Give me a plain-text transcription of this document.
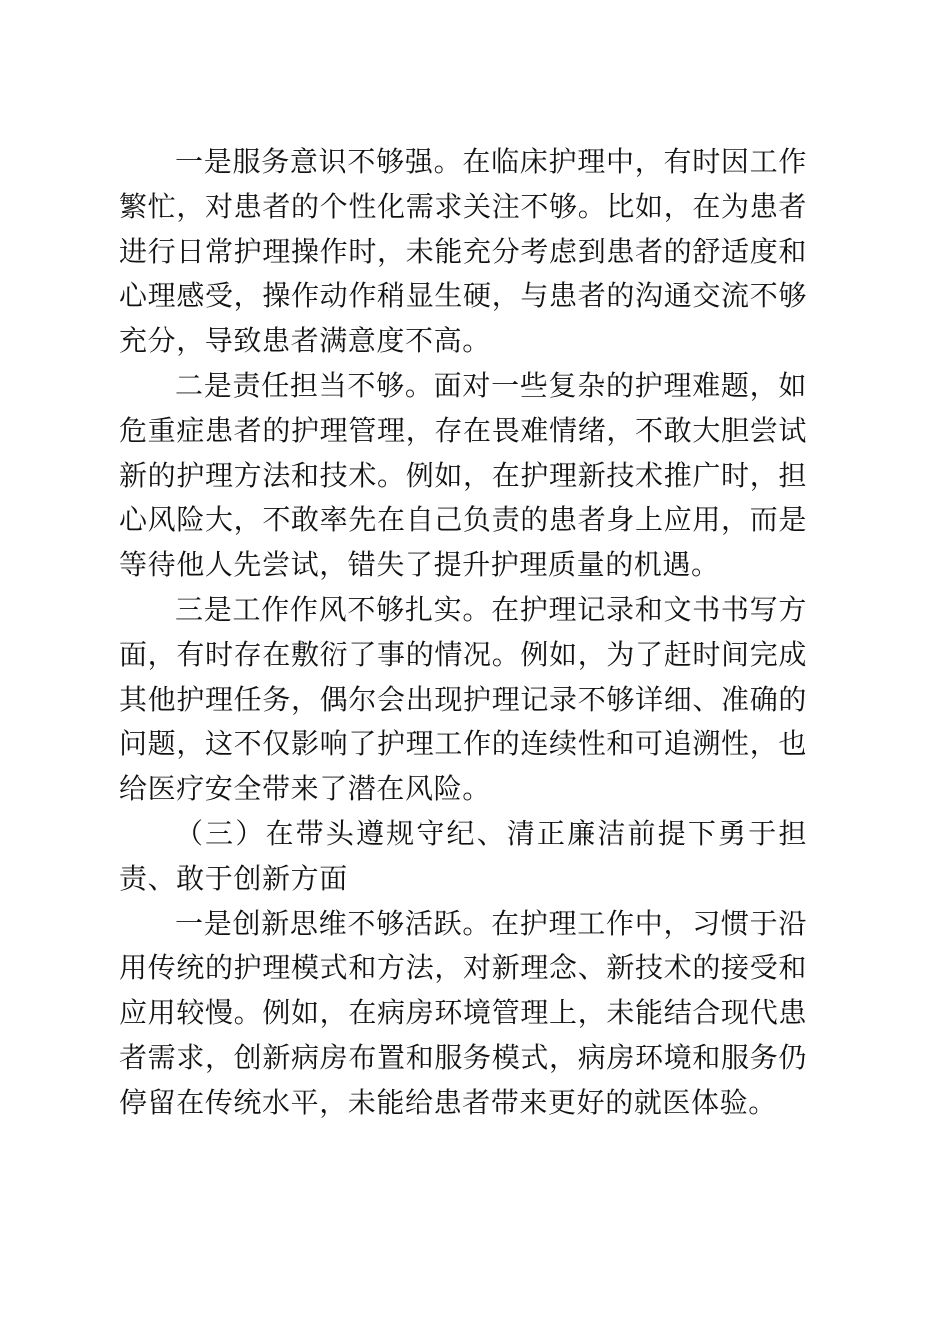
一是服务意识不够强。在临床护理中，有时因工作繁忙，对患者的个性化需求关注不够。比如，在为患者进行日常护理操作时，未能充分考虑到患者的舒适度和心理感受，操作动作稍显生硬，与患者的沟通交流不够充分，导致患者满意度不高。

二是责任担当不够。面对一些复杂的护理难题，如危重症患者的护理管理，存在畏难情绪，不敢大胆尝试新的护理方法和技术。例如，在护理新技术推广时，担心风险大，不敢率先在自己负责的患者身上应用，而是等待他人先尝试，错失了提升护理质量的机遇。

三是工作作风不够扎实。在护理记录和文书书写方面，有时存在敷衍了事的情况。例如，为了赶时间完成其他护理任务，偶尔会出现护理记录不够详细、准确的问题，这不仅影响了护理工作的连续性和可追溯性，也给医疗安全带来了潜在风险。

（三）在带头遵规守纪、清正廉洁前提下勇于担责、敢于创新方面

一是创新思维不够活跃。在护理工作中，习惯于沿用传统的护理模式和方法，对新理念、新技术的接受和应用较慢。例如，在病房环境管理上，未能结合现代患者需求，创新病房布置和服务模式，病房环境和服务仍停留在传统水平，未能给患者带来更好的就医体验。
